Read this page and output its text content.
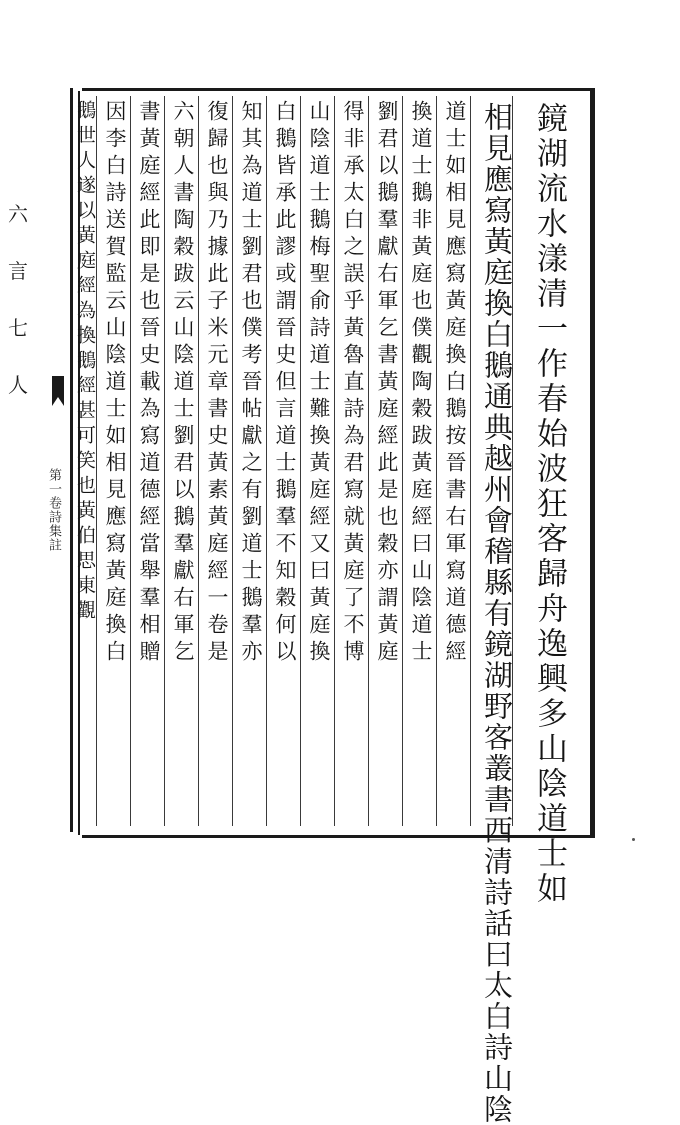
六
言
七
人
第一卷詩集註	鏡湖流水漾清一作春始波狂客歸舟逸興多山陰道士如
相見應寫黃庭換白鵝通典越州會稽縣有鏡湖野客叢書西清詩話曰太白詩山陰
道士如相見應寫黃庭換白鵝按晉書右軍寫道德經
換道士鵝非黃庭也僕觀陶穀跋黃庭經曰山陰道士
劉君以鵝羣獻右軍乞書黃庭經此是也穀亦謂黃庭
得非承太白之誤乎黃魯直詩為君寫就黃庭了不博
山陰道士鵝梅聖俞詩道士難換黃庭經又曰黃庭換
白鵝皆承此謬或謂晉史但言道士鵝羣不知穀何以
知其為道士劉君也僕考晉帖獻之有劉道士鵝羣亦
復歸也與乃據此子米元章書史黃素黃庭經一卷是
六朝人書陶穀跋云山陰道士劉君以鵝羣獻右軍乞
書黃庭經此即是也晉史載為寫道德經當舉羣相贈
因李白詩送賀監云山陰道士如相見應寫黃庭換白
鵝世人遂以黃庭經為換鵝經甚可笑也黃伯思東觀
